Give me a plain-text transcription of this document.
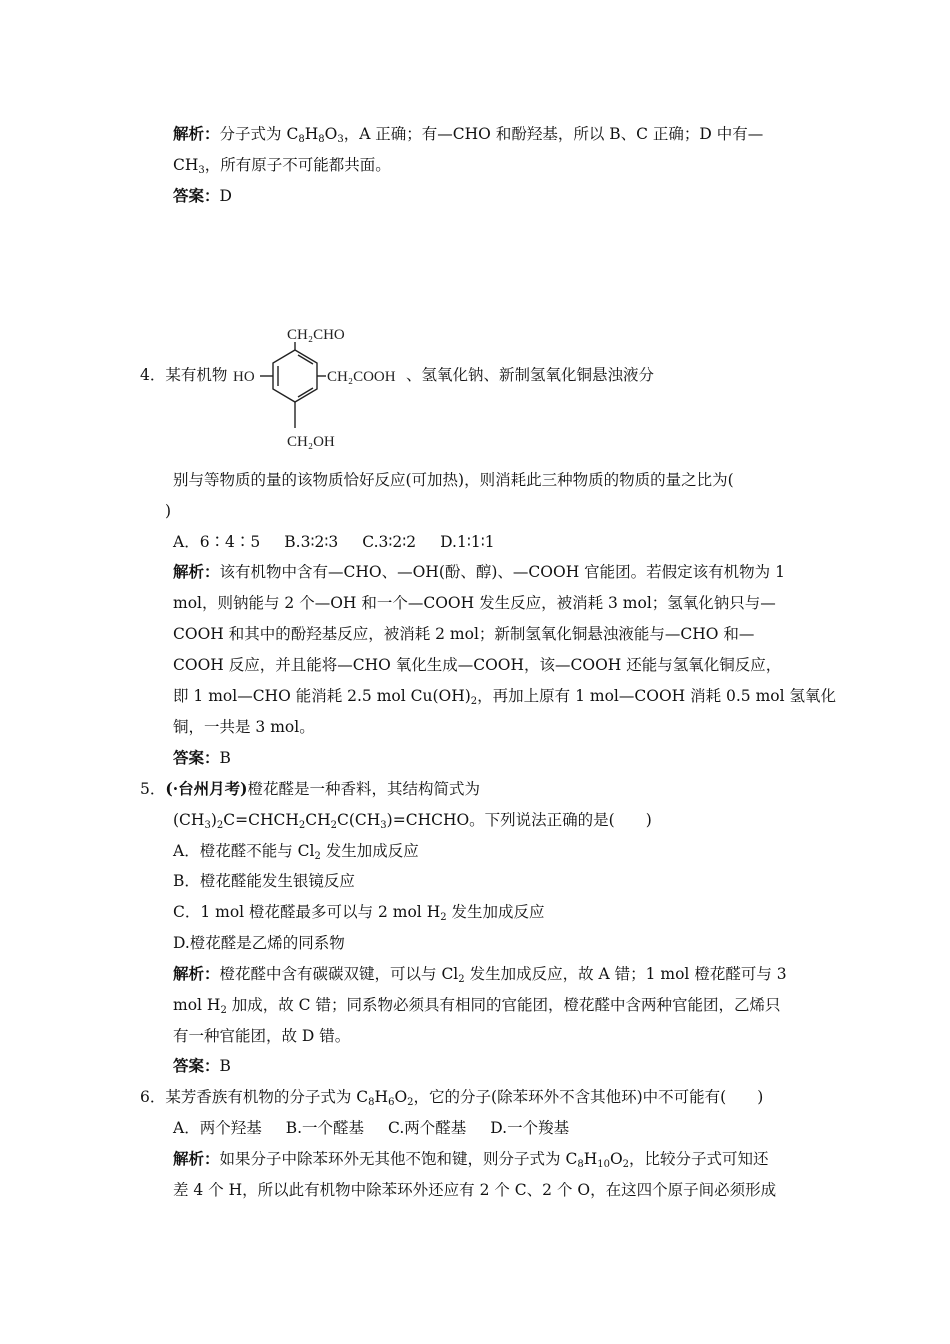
解析：分子式为 $C_8H_8O_3$，A 正确；有—CHO 和酚羟基，所以 B、C 正确；D 中有—
$CH_3$，所有原子不可能都共面。
答案：D
4．某有机物
CH₂CHO
HO	CH₂COOH
CH₂OH
、氢氧化钠、新制氢氧化铜悬浊液分
别与等物质的量的该物质恰好反应(可加热)，则消耗此三种物质的物质的量之比为(
)
A．6∶4∶5 B.3∶2∶3 C.3∶2∶2 D.1∶1∶1
解析：该有机物中含有—CHO、—OH(酚、醇)、—COOH 官能团。若假定该有机物为 1
mol，则钠能与 2 个—OH 和一个—COOH 发生反应，被消耗 3 mol；氢氧化钠只与—
COOH 和其中的酚羟基反应，被消耗 2 mol；新制氢氧化铜悬浊液能与—CHO 和—
COOH 反应，并且能将—CHO 氧化生成—COOH，该—COOH 还能与氢氧化铜反应，
即 1 mol—CHO 能消耗 2.5 mol $Cu(OH)_2$，再加上原有 1 mol—COOH 消耗 0.5 mol 氢氧化
铜，一共是 3 mol。
答案：B
5．(·台州月考)橙花醛是一种香料，其结构简式为
$(CH_3)_2C=CHCH_2CH_2C(CH_3)=CHCHO$。下列说法正确的是(　　)
A．橙花醛不能与 $Cl_2$ 发生加成反应
B．橙花醛能发生银镜反应
C．1 mol 橙花醛最多可以与 2 mol $H_2$ 发生加成反应
D.橙花醛是乙烯的同系物
解析：橙花醛中含有碳碳双键，可以与 $Cl_2$ 发生加成反应，故 A 错；1 mol 橙花醛可与 3
mol $H_2$ 加成，故 C 错；同系物必须具有相同的官能团，橙花醛中含两种官能团，乙烯只
有一种官能团，故 D 错。
答案：B
6．某芳香族有机物的分子式为 $C_8H_6O_2$，它的分子(除苯环外不含其他环)中不可能有(　　)
A．两个羟基 B.一个醛基 C.两个醛基 D.一个羧基
解析：如果分子中除苯环外无其他不饱和键，则分子式为 $C_8H_{10}O_2$，比较分子式可知还
差 4 个 H，所以此有机物中除苯环外还应有 2 个 C、2 个 O，在这四个原子间必须形成
